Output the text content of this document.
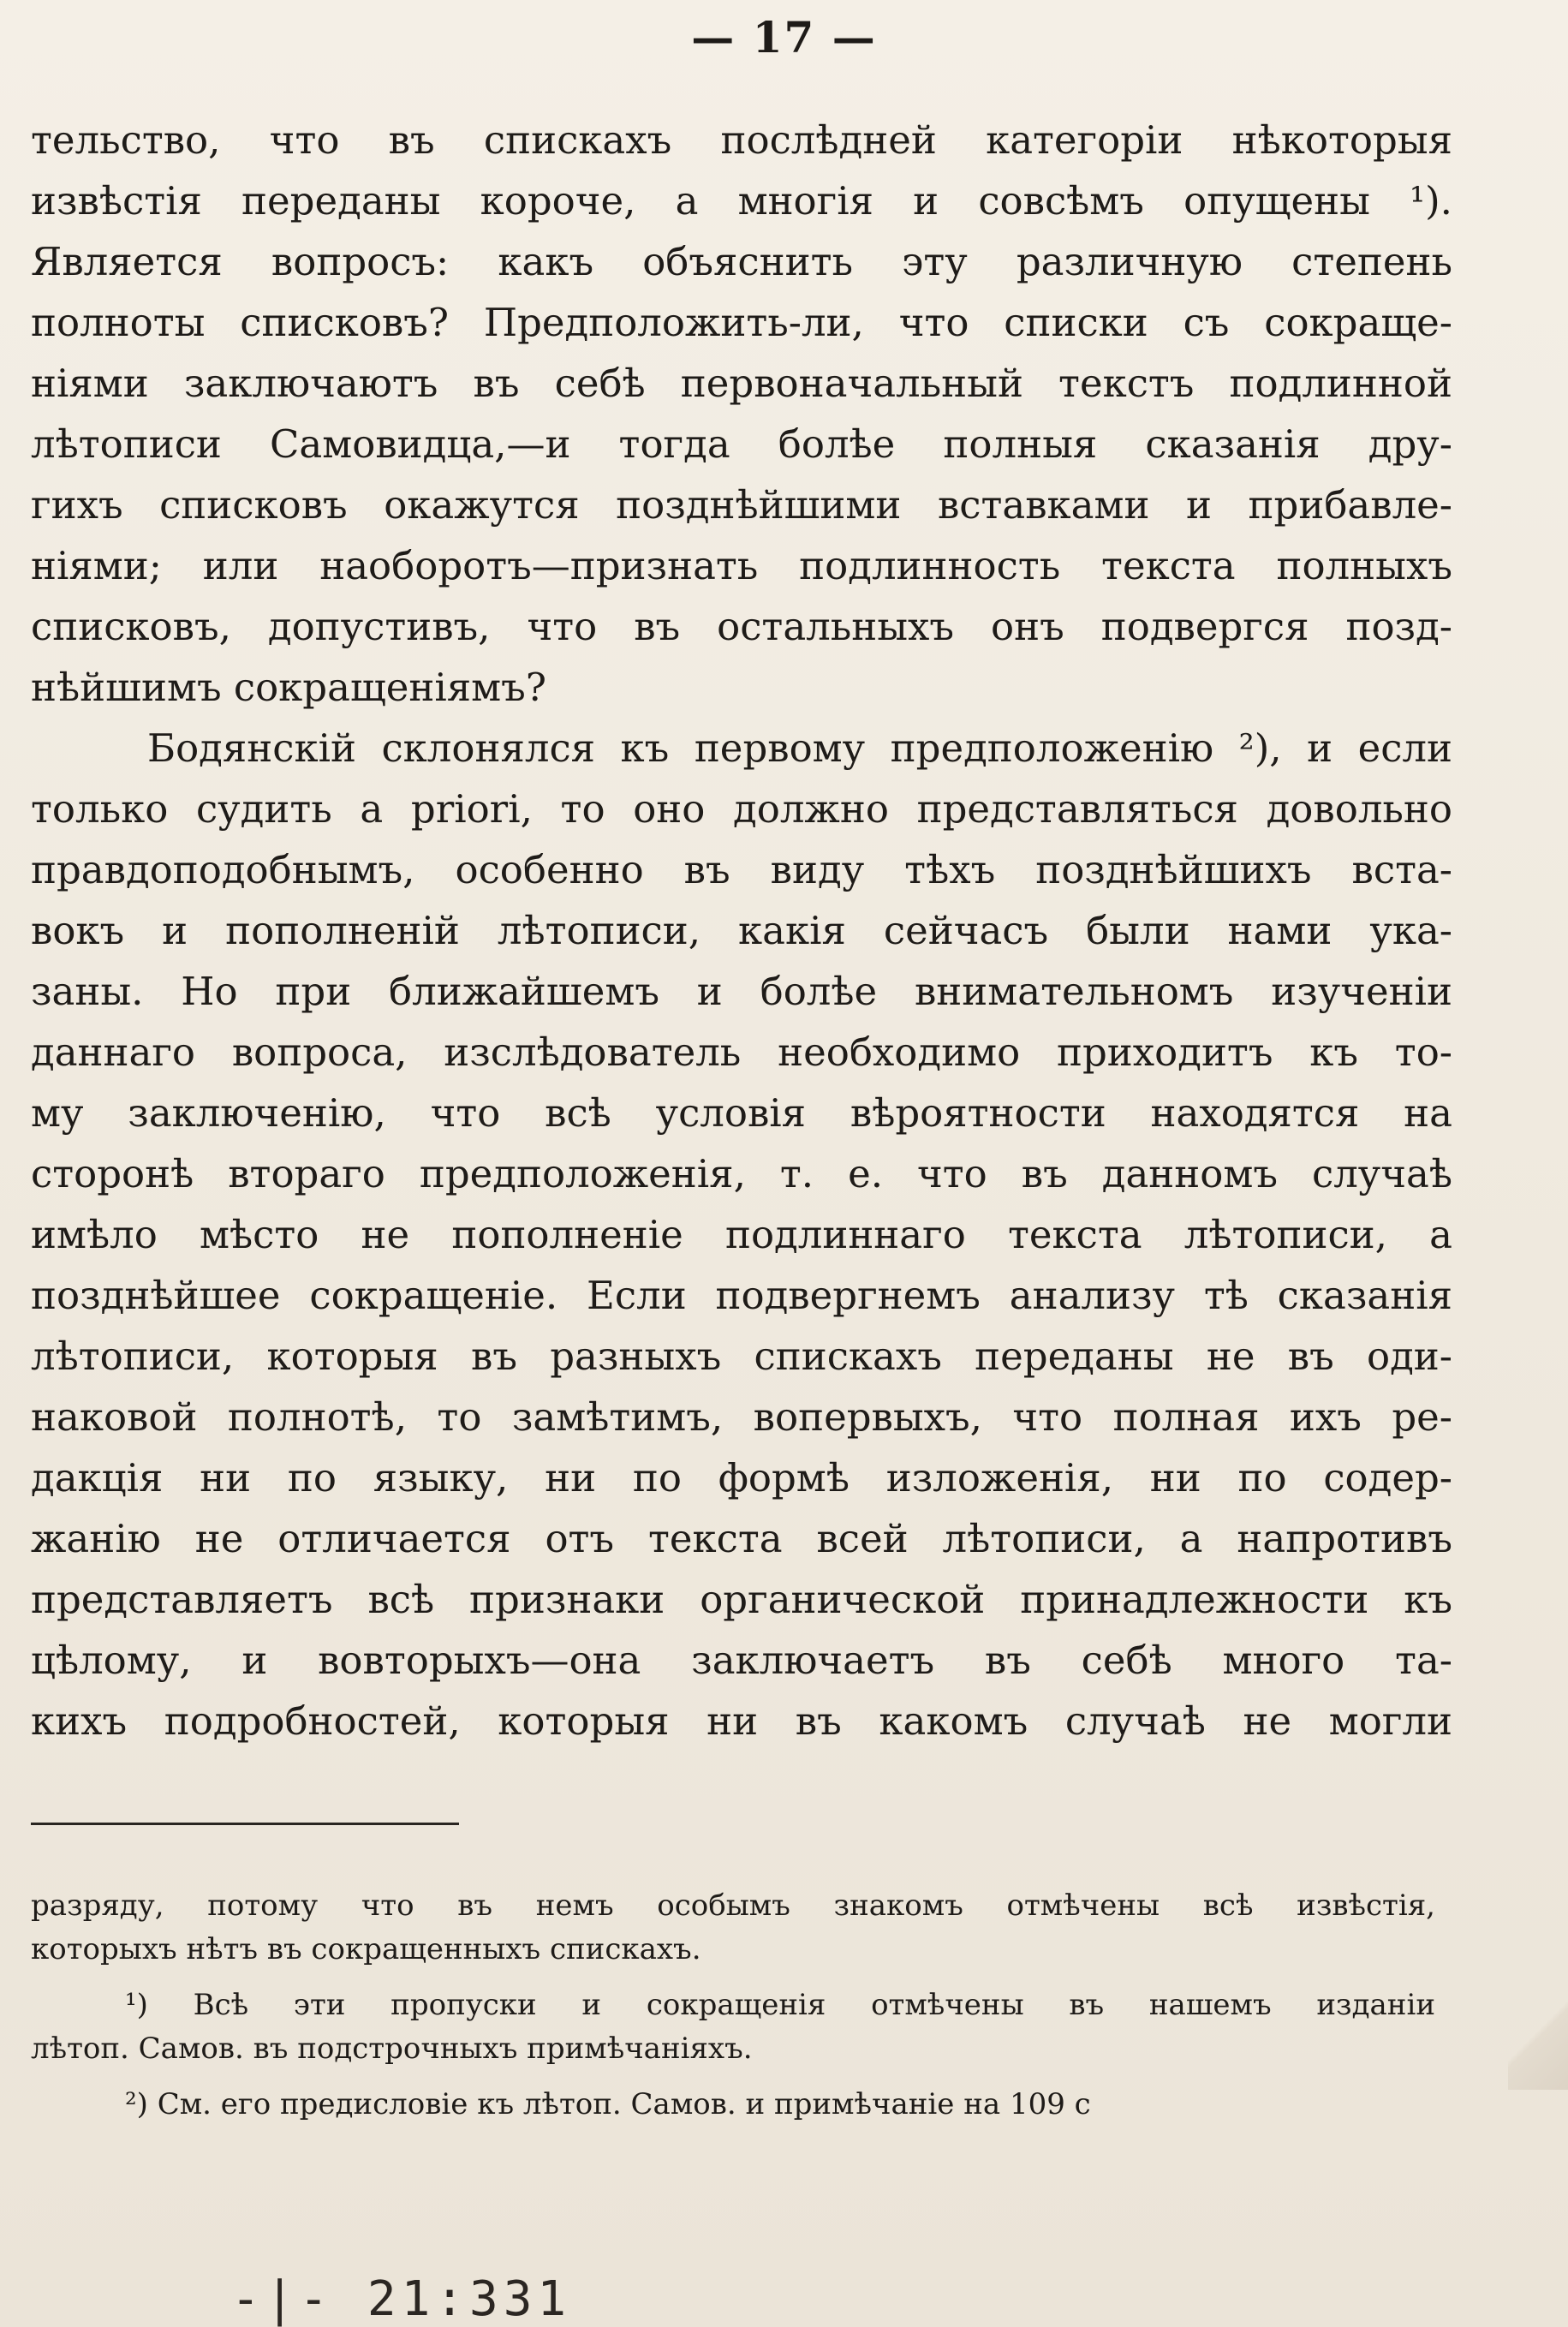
— 17 —
тельство, что въ спискахъ послѣдней категоріи нѣкоторыя
извѣстія переданы короче, а многія и совсѣмъ опущены ¹).
Является вопросъ: какъ объяснить эту различную степень
полноты списковъ? Предположить-ли, что списки съ сокраще-
ніями заключаютъ въ себѣ первоначальный текстъ подлинной
лѣтописи Самовидца,—и тогда болѣе полныя сказанія дру-
гихъ списковъ окажутся позднѣйшими вставками и прибавле-
ніями; или наоборотъ—признать подлинность текста полныхъ
списковъ, допустивъ, что въ остальныхъ онъ подвергся позд-
нѣйшимъ сокращеніямъ?
Бодянскій склонялся къ первому предположенію ²), и если
только судить a priori, то оно должно представляться довольно
правдоподобнымъ, особенно въ виду тѣхъ позднѣйшихъ вста-
вокъ и пополненій лѣтописи, какія сейчасъ были нами ука-
заны. Но при ближайшемъ и болѣе внимательномъ изученіи
даннаго вопроса, изслѣдователь необходимо приходитъ къ то-
му заключенію, что всѣ условія вѣроятности находятся на
сторонѣ втораго предположенія, т. е. что въ данномъ случаѣ
имѣло мѣсто не пополненіе подлиннаго текста лѣтописи, а
позднѣйшее сокращеніе. Если подвергнемъ анализу тѣ сказанія
лѣтописи, которыя въ разныхъ спискахъ переданы не въ оди-
наковой полнотѣ, то замѣтимъ, вопервыхъ, что полная ихъ ре-
дакція ни по языку, ни по формѣ изложенія, ни по содер-
жанію не отличается отъ текста всей лѣтописи, а напротивъ
представляетъ всѣ признаки органической принадлежности къ
цѣлому, и вовторыхъ—она заключаетъ въ себѣ много та-
кихъ подробностей, которыя ни въ какомъ случаѣ не могли
разряду, потому что въ немъ особымъ знакомъ отмѣчены всѣ извѣстія,
которыхъ нѣтъ въ сокращенныхъ спискахъ.
¹) Всѣ эти пропуски и сокращенія отмѣчены въ нашемъ изданіи
лѣтоп. Самов. въ подстрочныхъ примѣчаніяхъ.
²) См. его предисловіе къ лѣтоп. Самов. и примѣчаніе на 109 с
-|- 21:331
